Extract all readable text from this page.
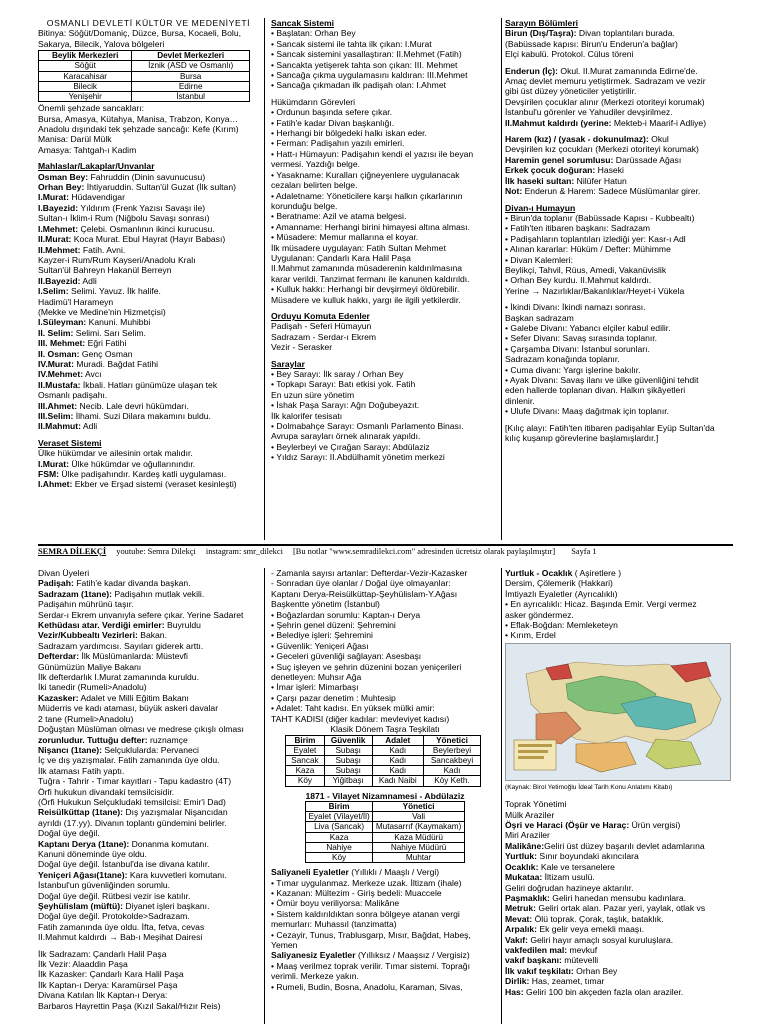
OSMANLI DEVLETİ KÜLTÜR VE MEDENİYETİ
Bitinya: Söğüt/Domaniç, Düzce, Bursa, Kocaeli, Bolu,
Sakarya, Bilecik, Yalova bölgeleri
Beylik Merkezleri	Devlet Merkezleri
Söğüt	İznik (ASD ve Osmanlı)
Karacahisar	Bursa
Bilecik	Edirne
Yenişehir	İstanbul
Önemli şehzade sancakları:
Bursa, Amasya, Kütahya, Manisa, Trabzon, Konya…
Anadolu dışındaki tek şehzade sancağı: Kefe (Kırım)
Manisa: Darül Mülk
Amasya: Tahtgah-ı Kadim
Mahlaslar/Lakaplar/Unvanlar
Osman Bey: Fahruddin (Dinin savunucusu)
Orhan Bey: İhtiyaruddin. Sultan'ül Guzat (İlk sultan)
I.Murat: Hüdavendigar
I.Bayezid: Yıldırım (Frenk Yazısı Savaşı ile)
Sultan-ı İklim-i Rum (Niğbolu Savaşı sonrası)
I.Mehmet: Çelebi. Osmanlının ikinci kurucusu.
II.Murat: Koca Murat. Ebul Hayrat (Hayır Babası)
II.Mehmet: Fatih. Avni.
Kayzer-i Rum/Rum Kayseri/Anadolu Kralı
Sultan'ül Bahreyn Hakanül Berreyn
II.Bayezid: Adli
I.Selim: Selimi. Yavuz. İlk halife.
Hadimü'l Harameyn
(Mekke ve Medine'nin Hizmetçisi)
I.Süleyman: Kanuni. Muhibbi
II. Selim: Selimi. Sarı Selim.
III. Mehmet: Eğri Fatihi
II. Osman: Genç Osman
IV.Murat: Muradi. Bağdat Fatihi
IV.Mehmet: Avcı
II.Mustafa: İkbali. Hatları günümüze ulaşan tek
Osmanlı padişahı.
III.Ahmet: Necib. Lale devri hükümdarı.
III.Selim: İlhami. Suzi Dilara makamını buldu.
II.Mahmut: Adli
Veraset Sistemi
Ülke hükümdar ve ailesinin ortak malıdır.
I.Murat: Ülke hükümdar ve oğullarınındır.
FSM: Ülke padişahındır. Kardeş katli uygulaması.
I.Ahmet: Ekber ve Erşad sistemi (veraset kesinleşti)
Sancak Sistemi
• Başlatan: Orhan Bey
• Sancak sistemi ile tahta ilk çıkan: I.Murat
• Sancak sistemini yasallaştıran: II.Mehmet (Fatih)
• Sancakta yetişerek tahta son çıkan: III. Mehmet
• Sancağa çıkma uygulamasını kaldıran: III.Mehmet
• Sancağa çıkmadan ilk padişah olan: I.Ahmet
Hükümdarın Görevleri
• Ordunun başında sefere çıkar.
• Fatih'e kadar Divan başkanlığı.
• Herhangi bir bölgedeki halkı iskan eder.
• Ferman: Padişahın yazılı emirleri.
• Hatt-ı Hümayun: Padişahın kendi el yazısı ile beyan
vermesi. Yazdığı belge.
• Yasakname: Kuralları çiğneyenlere uygulanacak
cezaları belirten belge.
• Adaletname: Yöneticilere karşı halkın çıkarlarının
korunduğu belge.
• Beratname: Azil ve atama belgesi.
• Amanname: Herhangi birini himayesi altına alması.
• Müsadere: Memur mallarına el koyar.
İlk müsadere uygulayan: Fatih Sultan Mehmet
Uygulanan: Çandarlı Kara Halil Paşa
II.Mahmut zamanında müsaderenin kaldırılmasına
karar verildi. Tanzimat fermanı ile kanunen kaldırıldı.
• Kulluk hakkı: Herhangi bir devşirmeyi öldürebilir.
Müsadere ve kulluk hakkı, yargı ile ilgili yetkilerdir.
Orduyu Komuta Edenler
Padişah - Seferi Hümayun
Sadrazam - Serdar-ı Ekrem
Vezir - Serasker
Saraylar
• Bey Sarayı: İlk saray / Orhan Bey
• Topkapı Sarayı: Batı etkisi yok. Fatih
En uzun süre yönetim
• İshak Paşa Sarayı: Ağrı Doğubeyazıt.
İlk kalorifer tesisatı
• Dolmabahçe Sarayı: Osmanlı Parlamento Binası.
Avrupa sarayları örnek alınarak yapıldı.
• Beylerbeyi ve Çırağan Sarayı: Abdülaziz
• Yıldız Sarayı: II.Abdülhamit yönetim merkezi
Sarayın Bölümleri
Birun (Dış/Taşra): Divan toplantıları burada.
(Babüssade kapısı: Birun'u Enderun'a bağlar)
Elçi kabulü. Protokol. Cülus töreni
Enderun (İç): Okul. II.Murat zamanında Edirne'de.
Amaç devlet memuru yetiştirmek. Sadrazam ve vezir
gibi üst düzey yöneticiler yetiştirilir.
Devşirilen çocuklar alınır (Merkezi otoriteyi korumak)
İstanbul'u görenler ve Yahudiler devşirilmez.
II.Mahmut kaldırdı (yerine: Mekteb-i Maarif-i Adliye)
Harem (kız) / (yasak - dokunulmaz): Okul
Devşirilen kız çocukları (Merkezi otoriteyi korumak)
Haremin genel sorumlusu: Darüssade Ağası
Erkek çocuk doğuran: Haseki
İlk haseki sultan: Nilüfer Hatun
Not: Enderun & Harem: Sadece Müslümanlar girer.
Divan-ı Humayun
• Birun'da toplanır (Babüssade Kapısı - Kubbealtı)
• Fatih'ten itibaren başkanı: Sadrazam
• Padişahların toplantıları izlediği yer: Kasr-ı Adl
• Alınan kararlar: Hüküm / Defter: Mühimme
• Divan Kalemleri:
Beylikçi, Tahvil, Rüus, Amedi, Vakanüvislik
• Orhan Bey kurdu. II.Mahmut kaldırdı.
Yerine → Nazırlıklar/Bakanlıklar/Heyet-i Vükela
• İkindi Divanı: İkindi namazı sonrası.
Başkan sadrazam
• Galebe Divanı: Yabancı elçiler kabul edilir.
• Sefer Divanı: Savaş sırasında toplanır.
• Çarşamba Divanı: İstanbul sorunları.
Sadrazam konağında toplanır.
• Cuma divanı: Yargı işlerine bakılır.
• Ayak Divanı: Savaş ilanı ve ülke güvenliğini tehdit
eden hallerde toplanan divan. Halkın şikâyetleri
dinlenir.
• Ulufe Divanı: Maaş dağıtmak için toplanır.
[Kılıç alayı: Fatih'ten itibaren padişahlar Eyüp Sultan'da
kılıç kuşanıp görevlerine başlamışlardır.]
SEMRA DİLEKÇİ youtube: Semra Dilekçi instagram: smr_dilekci [Bu notlar "www.semradilekci.com" adresinden ücretsiz olarak paylaşılmıştır] Sayfa 1
Divan Üyeleri
Padişah: Fatih'e kadar divanda başkan.
Sadrazam (1tane): Padişahın mutlak vekili.
Padişahın mührünü taşır.
Serdar-ı Ekrem unvanıyla sefere çıkar. Yerine Sadaret
Kethüdası atar. Verdiği emirler: Buyruldu
Vezir/Kubbealtı Vezirleri: Bakan.
Sadrazam yardımcısı. Sayıları giderek arttı.
Defterdar: İlk Müslümanlarda: Müstevfi
Günümüzün Maliye Bakanı
İlk defterdarlık I.Murat zamanında kuruldu.
İki tanedir (Rumeli>Anadolu)
Kazasker: Adalet ve Milli Eğitim Bakanı
Müderris ve kadı ataması, büyük askeri davalar
2 tane (Rumeli>Anadolu)
Doğuştan Müslüman olması ve medrese çıkışlı olması
zorunludur. Tuttuğu defter: ruznamçe
Nişancı (1tane): Selçuklularda: Pervaneci
İç ve dış yazışmalar. Fatih zamanında üye oldu.
İlk ataması Fatih yaptı.
Tuğra - Tahrir - Tımar kayıtları - Tapu kadastro (4T)
Örfi hukukun divandaki temsilcisidir.
(Örfi Hukukun Selçukludaki temsilcisi: Emir'i Dad)
Reisülküttap (1tane): Dış yazışmalar Nişancıdan
ayrıldı (17.yy). Divanın toplantı gündemini belirler.
Doğal üye değil.
Kaptanı Derya (1tane): Donanma komutanı.
Kanuni döneminde üye oldu.
Doğal üye değil. İstanbul'da ise divana katılır.
Yeniçeri Ağası(1tane): Kara kuvvetleri komutanı.
İstanbul'un güvenliğinden sorumlu.
Doğal üye değil. Rütbesi vezir ise katılır.
Şeyhülislam (müftü): Diyanet işleri başkanı.
Doğal üye değil. Protokolde>Sadrazam.
Fatih zamanında üye oldu. İfta, fetva, cevas
II.Mahmut kaldırdı → Bab-ı Meşihat Dairesi
İlk Sadrazam: Çandarlı Halil Paşa
İlk Vezir: Alaaddin Paşa
İlk Kazasker: Çandarlı Kara Halil Paşa
İlk Kaptan-ı Derya: Karamürsel Paşa
Divana Katılan İlk Kaptan-ı Derya:
Barbaros Hayrettin Paşa (Kızıl Sakal/Hızır Reis)
- Zamanla sayısı artanlar: Defterdar-Vezir-Kazasker
- Sonradan üye olanlar / Doğal üye olmayanlar:
Kaptanı Derya-Reisülküttap-Şeyhülislam-Y.Ağası
Başkentte yönetim (İstanbul)
• Boğazlardan sorumlu: Kaptan-ı Derya
• Şehrin genel düzeni: Şehremini
• Belediye işleri: Şehremini
• Güvenlik: Yeniçeri Ağası
• Geceleri güvenliği sağlayan: Asesbaşı
• Suç işleyen ve şehrin düzenini bozan yeniçerileri
denetleyen: Muhsır Ağa
• İmar işleri: Mimarbaşı
• Çarşı pazar denetim : Muhtesip
• Adalet: Taht kadısı. En yüksek mülki amir:
TAHT KADISI (diğer kadılar: mevleviyet kadısı)
Klasik Dönem Taşra Teşkilatı
Birim	Güvenlik	Adalet	Yönetici
Eyalet	Subaşı	Kadı	Beylerbeyi
Sancak	Subaşı	Kadı	Sancakbeyi
Kaza	Subaşı	Kadı	Kadı
Köy	Yiğitbaşı	Kadı Naibi	Köy Keth.
1871 - Vilayet Nizamnamesi - Abdülaziz
Birim	Yönetici
Eyalet (Vilayet/İl)	Vali
Liva (Sancak)	Mutasarrıf (Kaymakam)
Kaza	Kaza Müdürü
Nahiye	Nahiye Müdürü
Köy	Muhtar
Saliyaneli Eyaletler (Yıllıklı / Maaşlı / Vergi)
• Tımar uygulanmaz. Merkeze uzak. İltizam (ihale)
• Kazanan: Mültezim - Giriş bedeli: Muaccele
• Ömür boyu veriliyorsa: Malikâne
• Sistem kaldırıldıktan sonra bölgeye atanan vergi
memurları: Muhassıl (tanzimatta)
• Cezayir, Tunus, Trablusgarp, Mısır, Bağdat, Habeş,
Yemen
Saliyanesiz Eyaletler (Yıllıksız / Maaşsız / Vergisiz)
• Maaş verilmez toprak verilir. Tımar sistemi. Toprağı
verimli. Merkeze yakın.
• Rumeli, Budin, Bosna, Anadolu, Karaman, Sivas,
Yurtluk - Ocaklık ( Aşiretlere )
Dersim, Çölemerik (Hakkari)
İmtiyazlı Eyaletler (Ayrıcalıklı)
• En ayrıcalıklı: Hicaz. Başında Emir. Vergi vermez
asker göndermez.
• Eflak-Boğdan: Memleketeyn
• Kırım, Erdel
(Kaynak: Birol Yetimoğlu İdeal Tarih Konu Anlatımı Kitabı)
Toprak Yönetimi
Mülk Araziler
Öşri ve Haraci (Öşür ve Haraç: Ürün vergisi)
Miri Araziler
Malikâne:Geliri üst düzey başarılı devlet adamlarına
Yurtluk: Sınır boyundaki akıncılara
Ocaklık: Kale ve tersanelere
Mukataa: İltizam usulü.
Geliri doğrudan hazineye aktarılır.
Paşmaklık: Geliri hanedan mensubu kadınlara.
Metruk: Geliri ortak alan. Pazar yeri, yaylak, otlak vs
Mevat: Ölü toprak. Çorak, taşlık, bataklık.
Arpalık: Ek gelir veya emekli maaşı.
Vakıf: Geliri hayır amaçlı sosyal kuruluşlara.
vakfedilen mal: mevkuf
vakıf başkanı: mütevelli
İlk vakıf teşkilatı: Orhan Bey
Dirlik: Has, zeamet, tımar
Has: Geliri 100 bin akçeden fazla olan araziler.
